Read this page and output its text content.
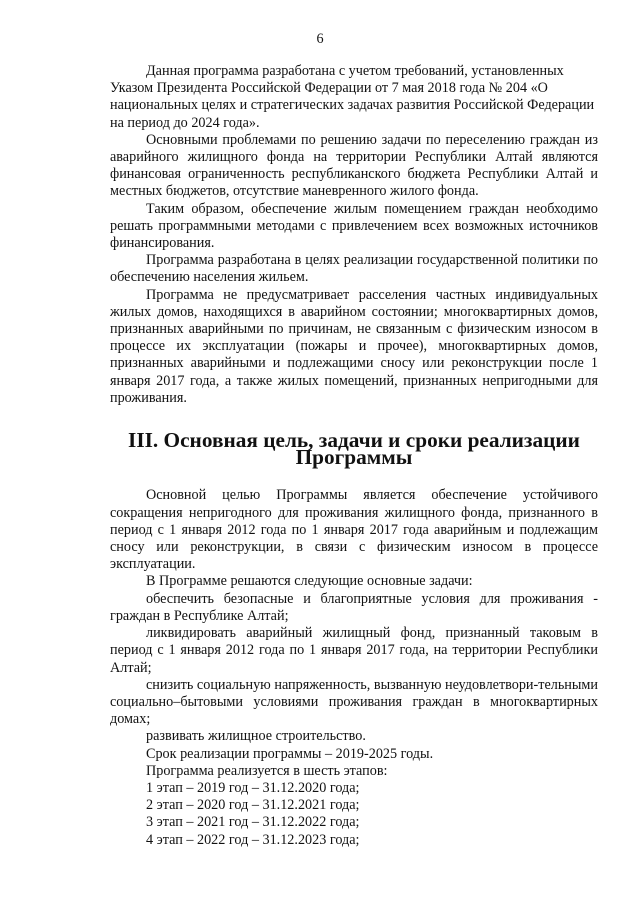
6

Данная программа разработана с учетом требований, установленных Указом Президента Российской Федерации от 7 мая 2018 года № 204 «О национальных целях и стратегических задачах развития Российской Федерации на период до 2024 года».

Основными проблемами по решению задачи по переселению граждан из аварийного жилищного фонда на территории Республики Алтай являются финансовая ограниченность республиканского бюджета Республики Алтай и местных бюджетов, отсутствие маневренного жилого фонда.

Таким образом, обеспечение жилым помещением граждан необходимо решать программными методами с привлечением всех возможных источников финансирования.

Программа разработана в целях реализации государственной политики по обеспечению населения жильем.

Программа не предусматривает расселения частных индивидуальных жилых домов, находящихся в аварийном состоянии; многоквартирных домов, признанных аварийными по причинам, не связанным с физическим износом в процессе их эксплуатации (пожары и прочее), многоквартирных домов, признанных аварийными и подлежащими сносу или реконструкции после 1 января 2017 года, а также жилых помещений, признанных непригодными для проживания.

III. Основная цель, задачи и сроки реализации Программы

Основной целью Программы является обеспечение устойчивого сокращения непригодного для проживания жилищного фонда, признанного в период с 1 января 2012 года по 1 января 2017 года аварийным и подлежащим сносу или реконструкции, в связи с физическим износом в процессе эксплуатации.

В Программе решаются следующие основные задачи:

обеспечить безопасные и благоприятные условия для проживания - граждан в Республике Алтай;

ликвидировать аварийный жилищный фонд, признанный таковым в период с 1 января 2012 года по 1 января 2017 года, на территории Республики Алтай;

снизить социальную напряженность, вызванную неудовлетвори-тельными социально–бытовыми условиями проживания граждан в многоквартирных домах;

развивать жилищное строительство.

Срок реализации программы – 2019-2025 годы.

Программа реализуется в шесть этапов:

1 этап – 2019 год – 31.12.2020 года;

2 этап – 2020 год – 31.12.2021 года;

3 этап – 2021 год – 31.12.2022 года;

4 этап – 2022 год – 31.12.2023 года;
